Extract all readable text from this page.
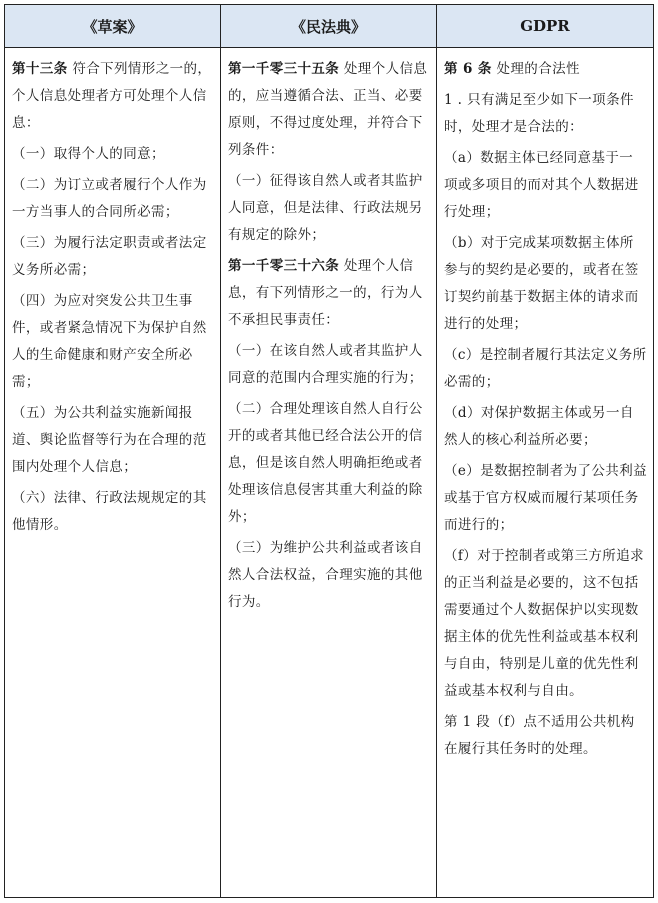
《草案》	《民法典》	GDPR

第十三条 符合下列情形之一的，个人信息处理者方可处理个人信息：

（一）取得个人的同意；

（二）为订立或者履行个人作为一方当事人的合同所必需；

（三）为履行法定职责或者法定义务所必需；

（四）为应对突发公共卫生事件，或者紧急情况下为保护自然人的生命健康和财产安全所必需；

（五）为公共利益实施新闻报道、舆论监督等行为在合理的范围内处理个人信息；

（六）法律、行政法规规定的其他情形。

第一千零三十五条 处理个人信息的，应当遵循合法、正当、必要原则，不得过度处理，并符合下列条件：

（一）征得该自然人或者其监护人同意，但是法律、行政法规另有规定的除外；

第一千零三十六条 处理个人信息，有下列情形之一的，行为人不承担民事责任：

（一）在该自然人或者其监护人同意的范围内合理实施的行为；

（二）合理处理该自然人自行公开的或者其他已经合法公开的信息，但是该自然人明确拒绝或者处理该信息侵害其重大利益的除外；

（三）为维护公共利益或者该自然人合法权益，合理实施的其他行为。

第 6 条 处理的合法性

1 . 只有满足至少如下一项条件时，处理才是合法的：

（a）数据主体已经同意基于一项或多项目的而对其个人数据进行处理；

（b）对于完成某项数据主体所参与的契约是必要的，或者在签订契约前基于数据主体的请求而进行的处理；

（c）是控制者履行其法定义务所必需的；

（d）对保护数据主体或另一自然人的核心利益所必要；

（e）是数据控制者为了公共利益或基于官方权威而履行某项任务而进行的；

（f）对于控制者或第三方所追求的正当利益是必要的，这不包括需要通过个人数据保护以实现数据主体的优先性利益或基本权利与自由，特别是儿童的优先性利益或基本权利与自由。

第 1 段（f）点不适用公共机构在履行其任务时的处理。
